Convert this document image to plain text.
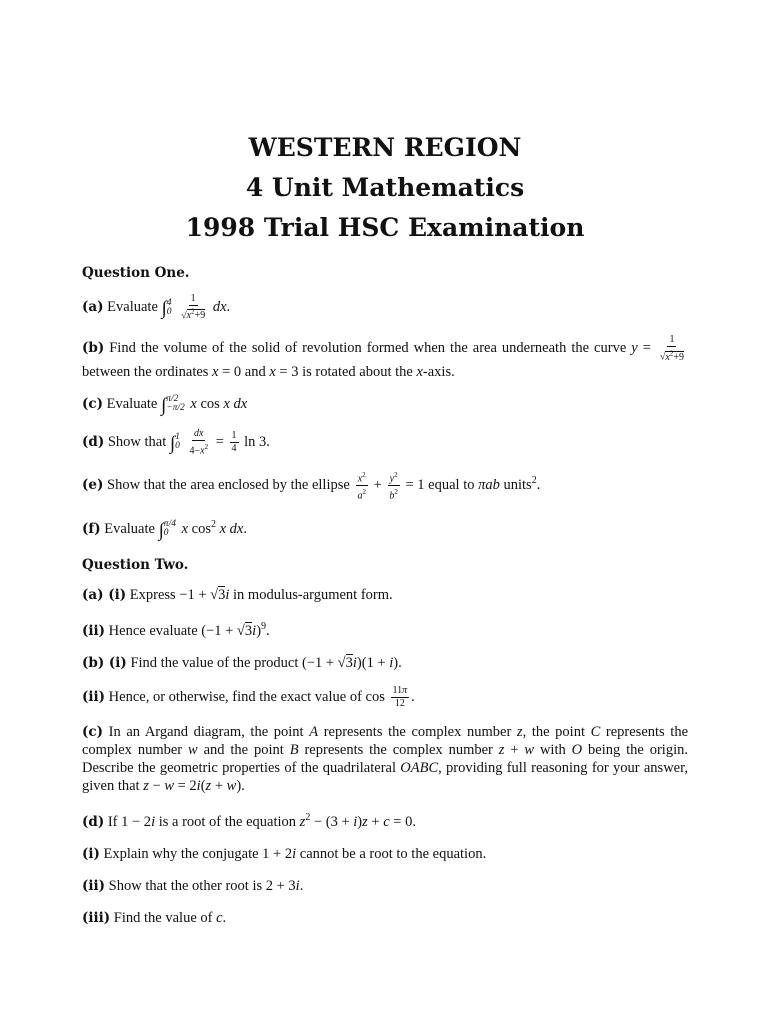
WESTERN REGION
4 Unit Mathematics
1998 Trial HSC Examination
Question One.
(a) Evaluate ∫ 4
0
$\frac{1}{√x^2+9}$ dx.
(b) Find the volume of the solid of revolution formed when the area underneath the curve $y = \frac{1}{√x^2+9}$
between the ordinates x = 0 and x = 3 is rotated about the x-axis.
(c) Evaluate ∫ π/2
−π/2 x cos x dx
(d) Show that ∫ 1
0
$\frac{dx}{4-x^2} = \frac{1}{4}$ ln 3.
(e) Show that the area enclosed by the ellipse $\frac{x^2}{a^2} + \frac{y^2}{b^2} = 1$ equal to πab units$^2$.
(f) Evaluate ∫ π/4
0 x $\cos^2 x$ dx.
Question Two.
(a) (i) Express −1 + √3i in modulus-argument form.
(ii) Hence evaluate $(-1 + √3i)^9$.
(b) (i) Find the value of the product (−1 + √3i)(1 + i).
(ii) Hence, or otherwise, find the exact value of $\cos \frac{11\pi}{12}$ .
(c) In an Argand diagram, the point A represents the complex number z, the point C represents the complex number w and the point B represents the complex number z + w with O being the origin. Describe the geometric properties of the quadrilateral OABC, providing full reasoning for your answer, given that z − w = 2i(z + w).
(d) If 1 − 2i is a root of the equation $z^2 - (3 + i)z + c = 0$.
(i) Explain why the conjugate 1 + 2i cannot be a root to the equation.
(ii) Show that the other root is 2 + 3i.
(iii) Find the value of c.
